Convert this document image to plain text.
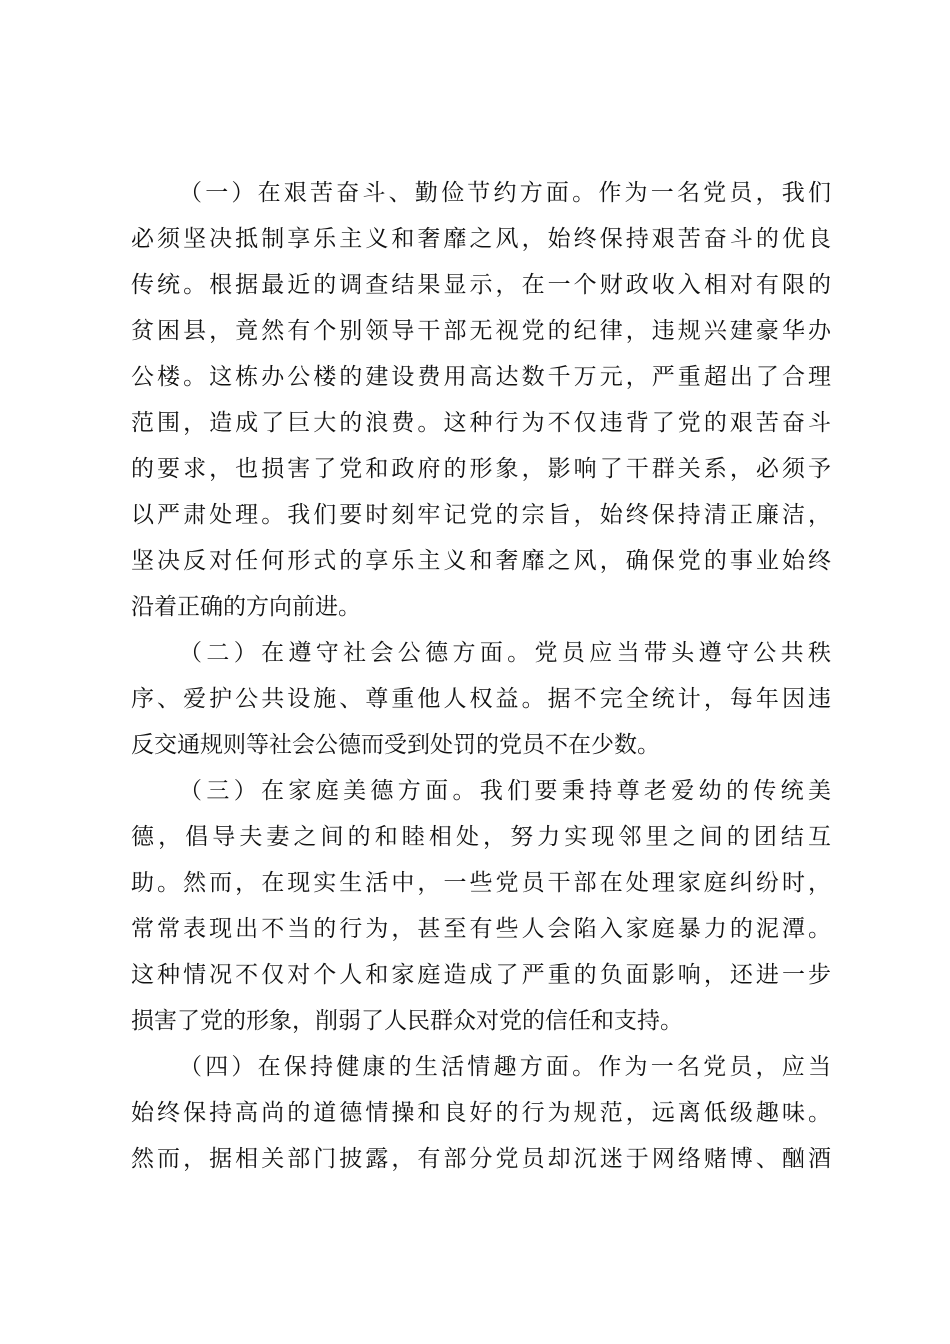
（一）在艰苦奋斗、勤俭节约方面。作为一名党员，我们

必须坚决抵制享乐主义和奢靡之风，始终保持艰苦奋斗的优良

传统。根据最近的调查结果显示，在一个财政收入相对有限的

贫困县，竟然有个别领导干部无视党的纪律，违规兴建豪华办

公楼。这栋办公楼的建设费用高达数千万元，严重超出了合理

范围，造成了巨大的浪费。这种行为不仅违背了党的艰苦奋斗

的要求，也损害了党和政府的形象，影响了干群关系，必须予

以严肃处理。我们要时刻牢记党的宗旨，始终保持清正廉洁，

坚决反对任何形式的享乐主义和奢靡之风，确保党的事业始终

沿着正确的方向前进。

（二）在遵守社会公德方面。党员应当带头遵守公共秩

序、爱护公共设施、尊重他人权益。据不完全统计，每年因违

反交通规则等社会公德而受到处罚的党员不在少数。

（三）在家庭美德方面。我们要秉持尊老爱幼的传统美

德，倡导夫妻之间的和睦相处，努力实现邻里之间的团结互

助。然而，在现实生活中，一些党员干部在处理家庭纠纷时，

常常表现出不当的行为，甚至有些人会陷入家庭暴力的泥潭。

这种情况不仅对个人和家庭造成了严重的负面影响，还进一步

损害了党的形象，削弱了人民群众对党的信任和支持。

（四）在保持健康的生活情趣方面。作为一名党员，应当

始终保持高尚的道德情操和良好的行为规范，远离低级趣味。

然而，据相关部门披露，有部分党员却沉迷于网络赌博、酗酒
